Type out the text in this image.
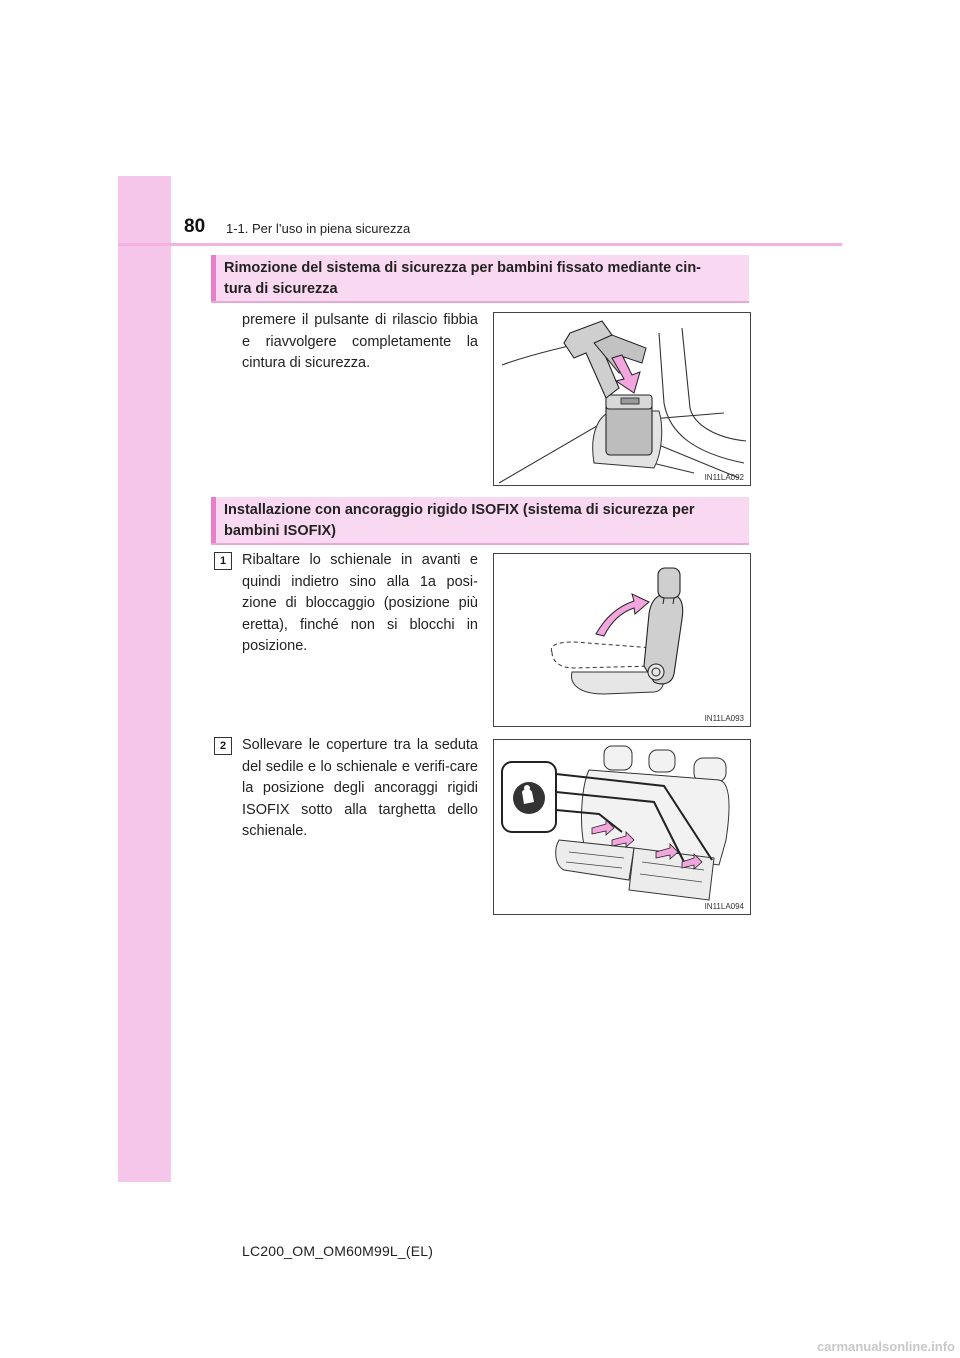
80 1-1. Per l’uso in piena sicurezza
Rimozione del sistema di sicurezza per bambini fissato mediante cin-
tura di sicurezza
premere il pulsante di rilascio fibbia e riavvolgere completamente la cintura di sicurezza.
IN11LA092
Installazione con ancoraggio rigido ISOFIX (sistema di sicurezza per
bambini ISOFIX)
1	Ribaltare lo schienale in avanti e quindi indietro sino alla 1a posi-zione di bloccaggio (posizione più eretta), finché non si blocchi in posizione.
IN11LA093
2	Sollevare le coperture tra la seduta del sedile e lo schienale e verifi-care la posizione degli ancoraggi rigidi ISOFIX sotto alla targhetta dello schienale.
IN11LA094
LC200_OM_OM60M99L_(EL)
carmanualsonline.info
